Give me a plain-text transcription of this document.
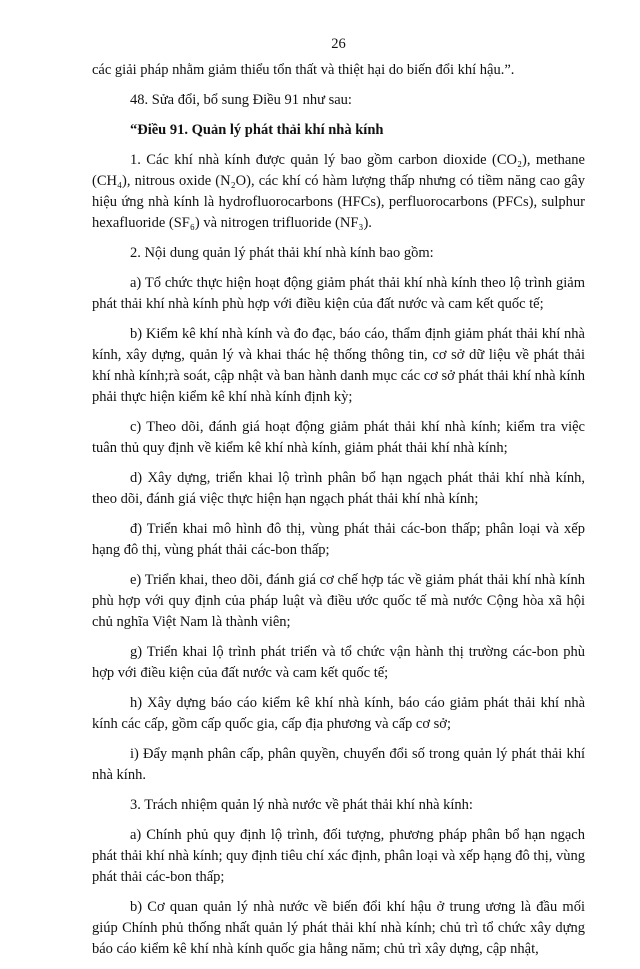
26

các giải pháp nhằm giảm thiểu tổn thất và thiệt hại do biến đổi khí hậu.”.

48. Sửa đổi, bổ sung Điều 91 như sau:

“Điều 91. Quản lý phát thải khí nhà kính

1. Các khí nhà kính được quản lý bao gồm carbon dioxide (CO₂), methane (CH₄), nitrous oxide (N₂O), các khí có hàm lượng thấp nhưng có tiềm năng cao gây hiệu ứng nhà kính là hydrofluorocarbons (HFCs), perfluorocarbons (PFCs), sulphur hexafluoride (SF₆) và nitrogen trifluoride (NF₃).

2. Nội dung quản lý phát thải khí nhà kính bao gồm:

a) Tổ chức thực hiện hoạt động giảm phát thải khí nhà kính theo lộ trình giảm phát thải khí nhà kính phù hợp với điều kiện của đất nước và cam kết quốc tế;

b) Kiểm kê khí nhà kính và đo đạc, báo cáo, thẩm định giảm phát thải khí nhà kính, xây dựng, quản lý và khai thác hệ thống thông tin, cơ sở dữ liệu về phát thải khí nhà kính;rà soát, cập nhật và ban hành danh mục các cơ sở phát thải khí nhà kính phải thực hiện kiểm kê khí nhà kính định kỳ;

c) Theo dõi, đánh giá hoạt động giảm phát thải khí nhà kính; kiểm tra việc tuân thủ quy định về kiểm kê khí nhà kính, giảm phát thải khí nhà kính;

d) Xây dựng, triển khai lộ trình phân bổ hạn ngạch phát thải khí nhà kính, theo dõi, đánh giá việc thực hiện hạn ngạch phát thải khí nhà kính;

đ) Triển khai mô hình đô thị, vùng phát thải các-bon thấp; phân loại và xếp hạng đô thị, vùng phát thải các-bon thấp;

e) Triển khai, theo dõi, đánh giá cơ chế hợp tác về giảm phát thải khí nhà kính phù hợp với quy định của pháp luật và điều ước quốc tế mà nước Cộng hòa xã hội chủ nghĩa Việt Nam là thành viên;

g) Triển khai lộ trình phát triển và tổ chức vận hành thị trường các-bon phù hợp với điều kiện của đất nước và cam kết quốc tế;

h) Xây dựng báo cáo kiểm kê khí nhà kính, báo cáo giảm phát thải khí nhà kính các cấp, gồm cấp quốc gia, cấp địa phương và cấp cơ sở;

i) Đẩy mạnh phân cấp, phân quyền, chuyển đổi số trong quản lý phát thải khí nhà kính.

3. Trách nhiệm quản lý nhà nước về phát thải khí nhà kính:

a) Chính phủ quy định lộ trình, đối tượng, phương pháp phân bổ hạn ngạch phát thải khí nhà kính; quy định tiêu chí xác định, phân loại và xếp hạng đô thị, vùng phát thải các-bon thấp;

b) Cơ quan quản lý nhà nước về biến đổi khí hậu ở trung ương là đầu mối giúp Chính phủ thống nhất quản lý phát thải khí nhà kính; chủ trì tổ chức xây dựng báo cáo kiểm kê khí nhà kính quốc gia hằng năm; chủ trì xây dựng, cập nhật,
